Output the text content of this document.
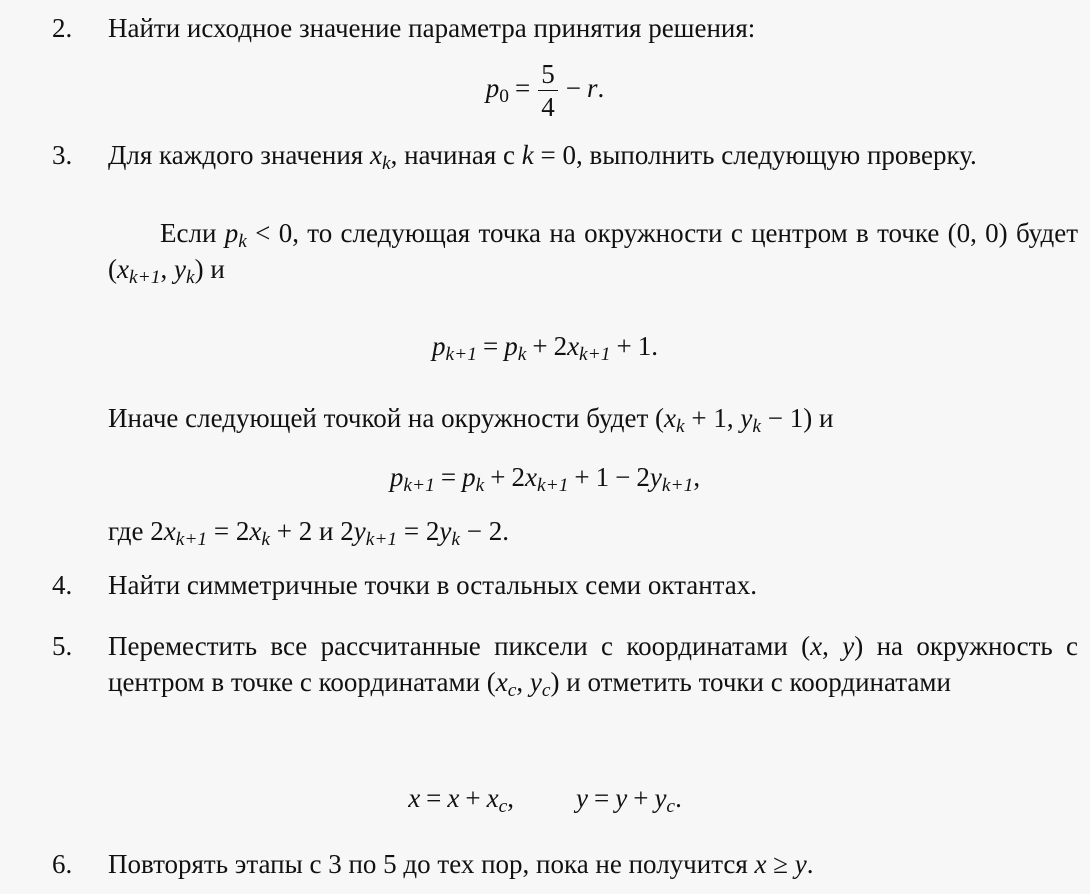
2. Найти исходное значение параметра принятия решения:
$p0 = \frac{5}{4} - r$.
3. Для каждого значения xk, начиная с k = 0, выполнить следующую проверку.
Если pk < 0, то следующая точка на окружности с центром в точке (0, 0) будет (xk+1, yk) и
pk+1 = pk + 2xk+1 + 1.
Иначе следующей точкой на окружности будет (xk + 1, yk − 1) и
pk+1 = pk + 2xk+1 + 1 − 2yk+1,
где 2xk+1 = 2xk + 2 и 2yk+1 = 2yk − 2.
4. Найти симметричные точки в остальных семи октантах.
5. Переместить все рассчитанные пиксели с координатами (x, y) на окружность с центром в точке с координатами (xc, yc) и отметить точки с координатами
x = x + xc, y = y + yc.
6. Повторять этапы с 3 по 5 до тех пор, пока не получится x ≥ y.
